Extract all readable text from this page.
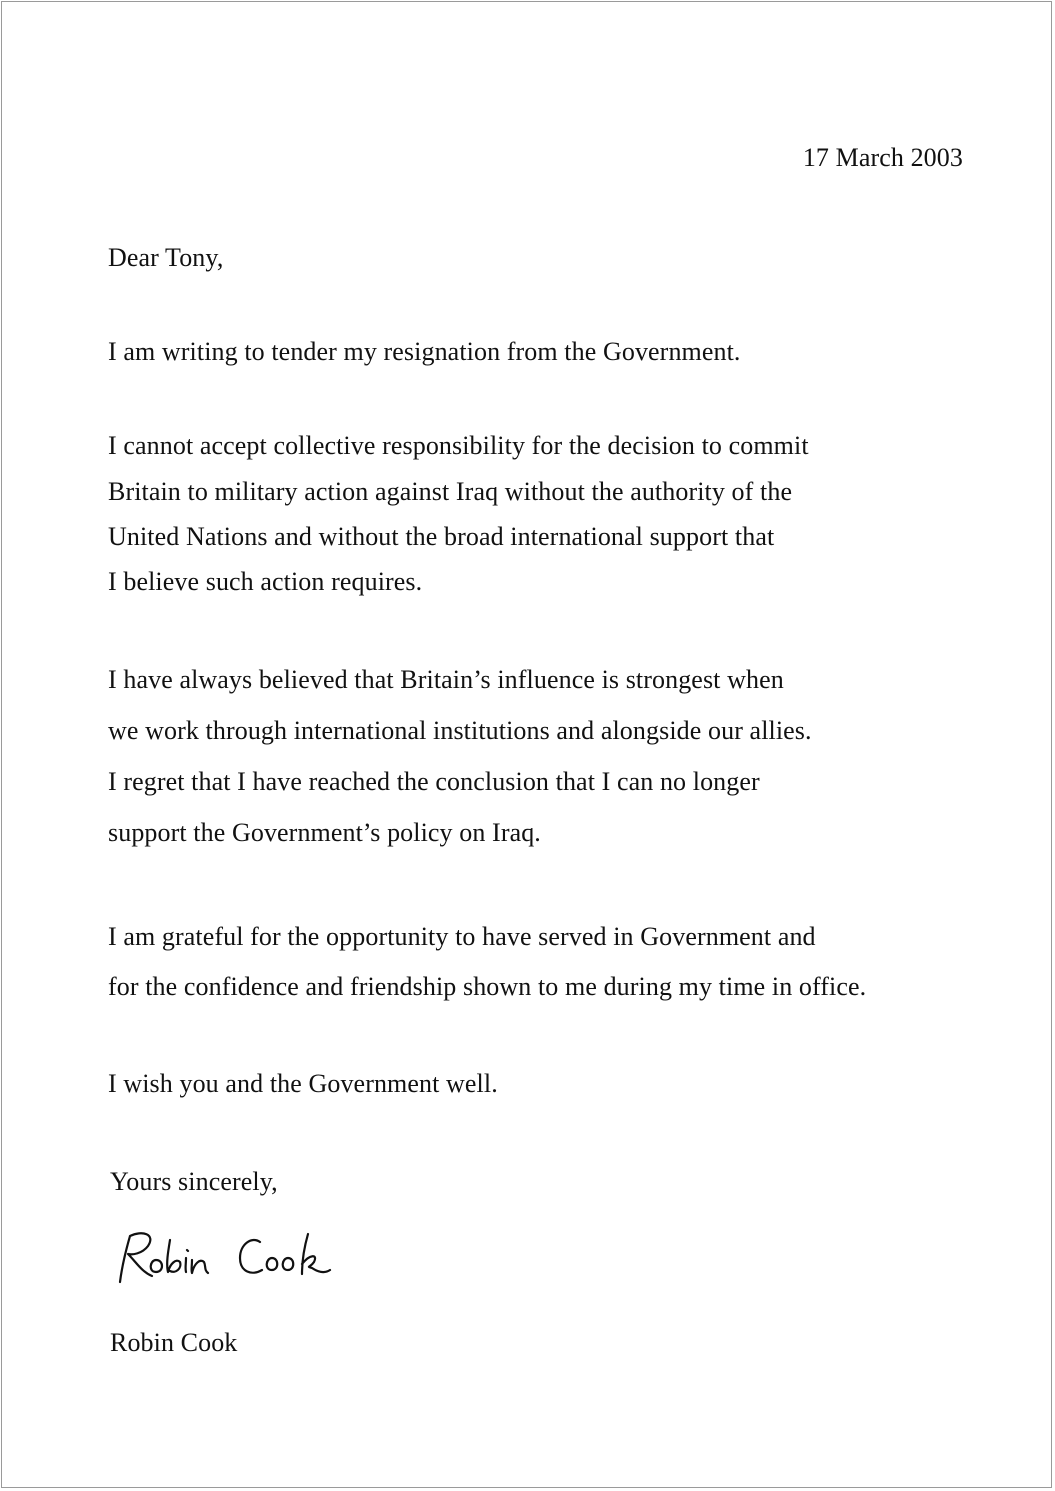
17 March 2003
Dear Tony,
I am writing to tender my resignation from the Government.
I cannot accept collective responsibility for the decision to commit
Britain to military action against Iraq without the authority of the
United Nations and without the broad international support that
I believe such action requires.
I have always believed that Britain’s influence is strongest when
we work through international institutions and alongside our allies.
I regret that I have reached the conclusion that I can no longer
support the Government’s policy on Iraq.
I am grateful for the opportunity to have served in Government and
for the confidence and friendship shown to me during my time in office.
I wish you and the Government well.
Yours sincerely,
Robin Cook
